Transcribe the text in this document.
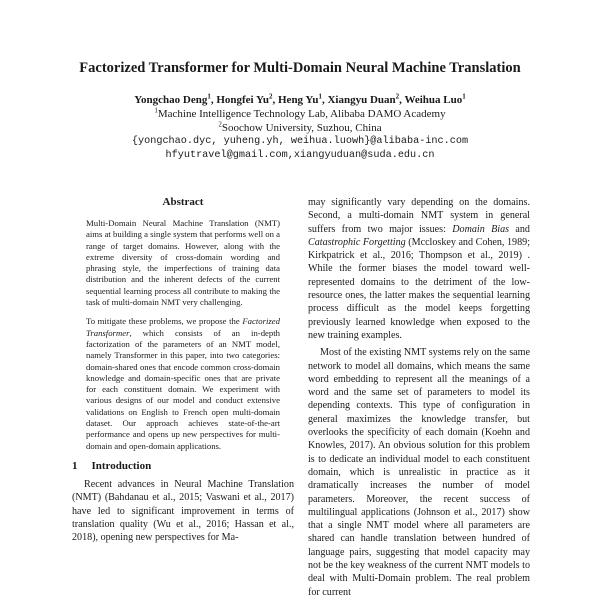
Factorized Transformer for Multi-Domain Neural Machine Translation
Yongchao Deng$^1$, Hongfei Yu$^2$, Heng Yu$^1$, Xiangyu Duan$^2$, Weihua Luo$^1$
$^1$Machine Intelligence Technology Lab, Alibaba DAMO Academy
$^2$Soochow University, Suzhou, China
{yongchao.dyc, yuheng.yh, weihua.luowh}@alibaba-inc.com
hfyutravel@gmail.com,xiangyuduan@suda.edu.cn
Abstract

Multi-Domain Neural Machine Translation (NMT) aims at building a single system that performs well on a range of target domains. However, along with the extreme diversity of cross-domain wording and phrasing style, the imperfections of training data distribution and the inherent defects of the current sequential learning process all contribute to making the task of multi-domain NMT very challenging.

To mitigate these problems, we propose the Factorized Transformer, which consists of an in-depth factorization of the parameters of an NMT model, namely Transformer in this paper, into two categories: domain-shared ones that encode common cross-domain knowledge and domain-specific ones that are private for each constituent domain. We experiment with various designs of our model and conduct extensive validations on English to French open multi-domain dataset. Our approach achieves state-of-the-art performance and opens up new perspectives for multi-domain and open-domain applications.

1 Introduction

Recent advances in Neural Machine Translation (NMT) (Bahdanau et al., 2015; Vaswani et al., 2017) have led to significant improvement in terms of translation quality (Wu et al., 2016; Hassan et al., 2018), opening new perspectives for Ma-

may significantly vary depending on the domains. Second, a multi-domain NMT system in general suffers from two major issues: Domain Bias and Catastrophic Forgetting (Mccloskey and Cohen, 1989; Kirkpatrick et al., 2016; Thompson et al., 2019) . While the former biases the model toward well-represented domains to the detriment of the low-resource ones, the latter makes the sequential learning process difficult as the model keeps forgetting previously learned knowledge when exposed to the new training examples.

Most of the existing NMT systems rely on the same network to model all domains, which means the same word embedding to represent all the meanings of a word and the same set of parameters to model its depending contexts. This type of configuration in general maximizes the knowledge transfer, but overlooks the specificity of each domain (Koehn and Knowles, 2017). An obvious solution for this problem is to dedicate an individual model to each constituent domain, which is unrealistic in practice as it dramatically increases the number of model parameters. Moreover, the recent success of multilingual applications (Johnson et al., 2017) show that a single NMT model where all parameters are shared can handle translation between hundred of language pairs, suggesting that model capacity may not be the key weakness of the current NMT models to deal with Multi-Domain problem. The real problem for current
